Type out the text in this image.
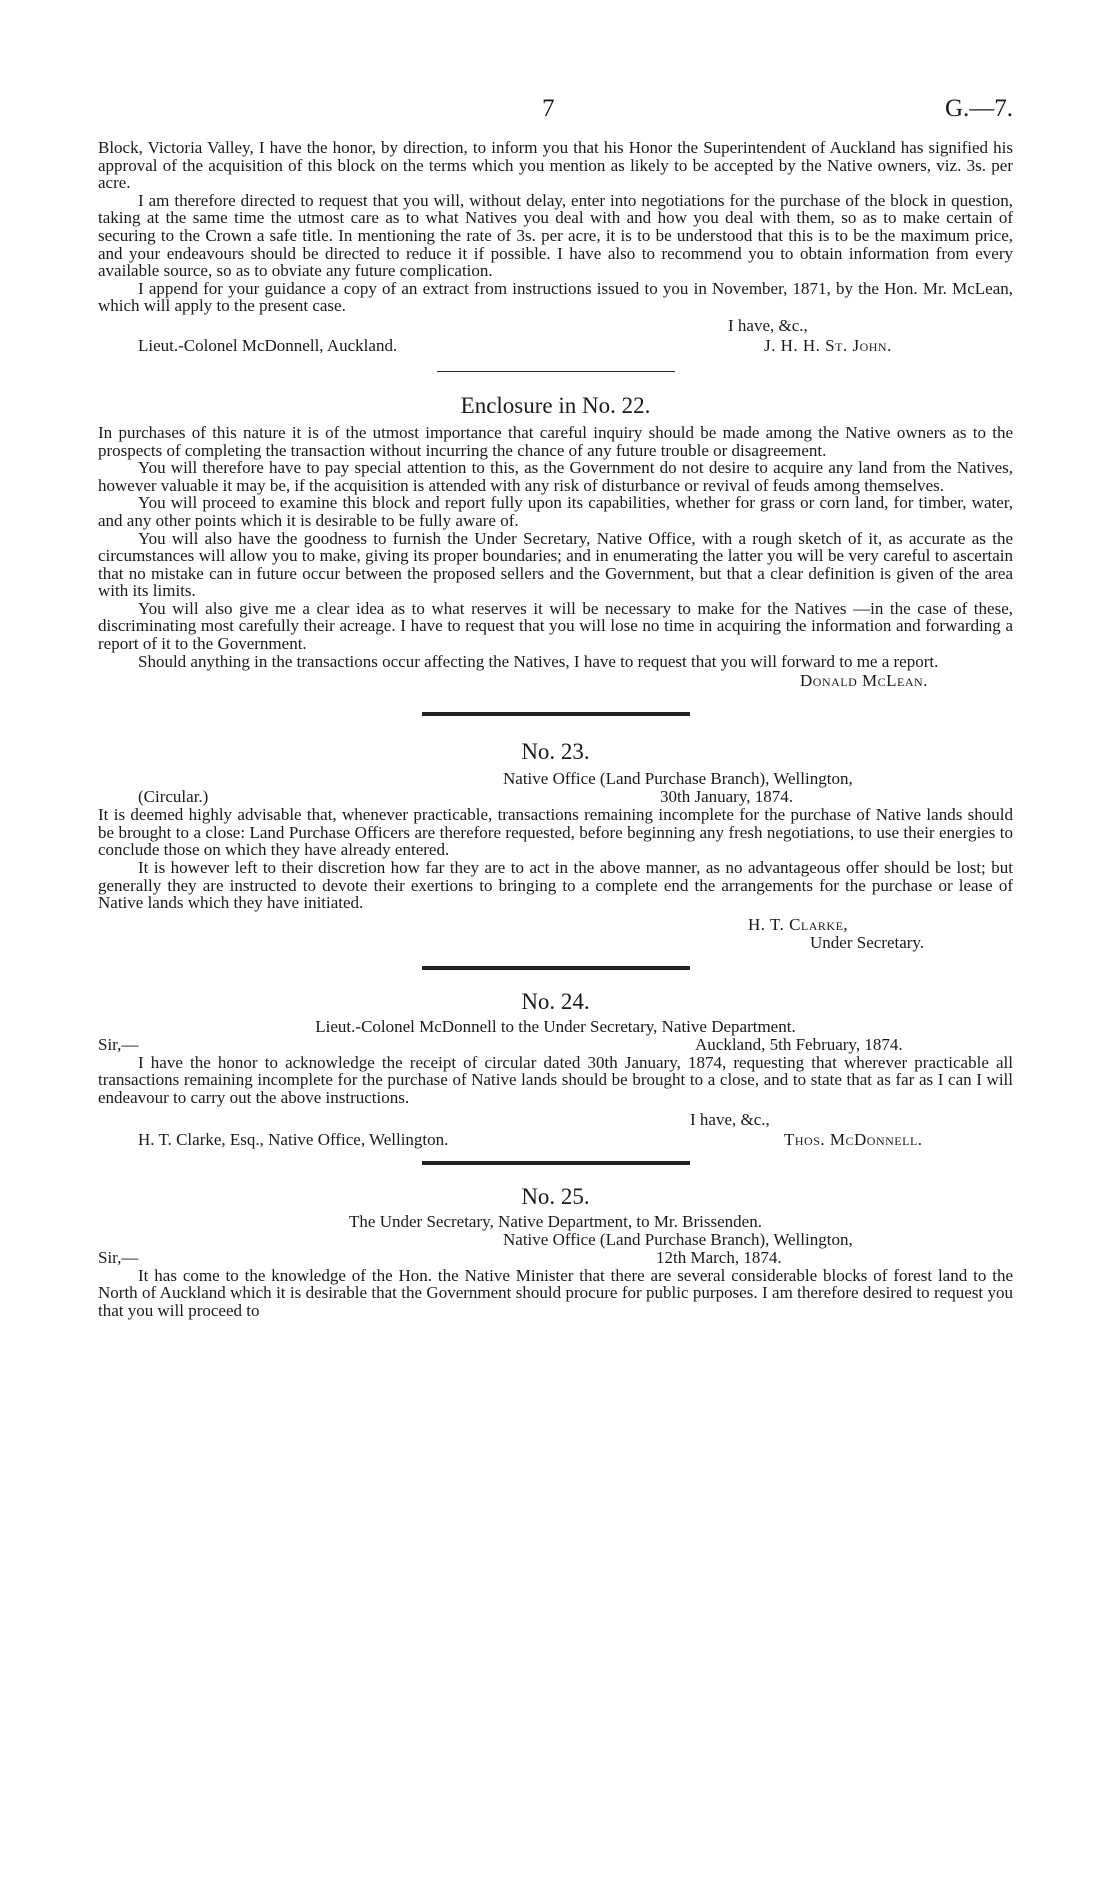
7	G.—7.

Block, Victoria Valley, I have the honor, by direction, to inform you that his Honor the Superintendent of Auckland has signified his approval of the acquisition of this block on the terms which you mention as likely to be accepted by the Native owners, viz. 3s. per acre.

I am therefore directed to request that you will, without delay, enter into negotiations for the purchase of the block in question, taking at the same time the utmost care as to what Natives you deal with and how you deal with them, so as to make certain of securing to the Crown a safe title. In mentioning the rate of 3s. per acre, it is to be understood that this is to be the maximum price, and your endeavours should be directed to reduce it if possible. I have also to recommend you to obtain information from every available source, so as to obviate any future complication.

I append for your guidance a copy of an extract from instructions issued to you in November, 1871, by the Hon. Mr. McLean, which will apply to the present case.

I have, &c.,
Lieut.-Colonel McDonnell, Auckland.	J. H. H. St. John.
Enclosure in No. 22.

In purchases of this nature it is of the utmost importance that careful inquiry should be made among the Native owners as to the prospects of completing the transaction without incurring the chance of any future trouble or disagreement.

You will therefore have to pay special attention to this, as the Government do not desire to acquire any land from the Natives, however valuable it may be, if the acquisition is attended with any risk of disturbance or revival of feuds among themselves.

You will proceed to examine this block and report fully upon its capabilities, whether for grass or corn land, for timber, water, and any other points which it is desirable to be fully aware of.

You will also have the goodness to furnish the Under Secretary, Native Office, with a rough sketch of it, as accurate as the circumstances will allow you to make, giving its proper boundaries; and in enumerating the latter you will be very careful to ascertain that no mistake can in future occur between the proposed sellers and the Government, but that a clear definition is given of the area with its limits.

You will also give me a clear idea as to what reserves it will be necessary to make for the Natives —in the case of these, discriminating most carefully their acreage. I have to request that you will lose no time in acquiring the information and forwarding a report of it to the Government.

Should anything in the transactions occur affecting the Natives, I have to request that you will forward to me a report.

Donald McLean.
No. 23.
Native Office (Land Purchase Branch), Wellington,
(Circular.)	30th January, 1874.

It is deemed highly advisable that, whenever practicable, transactions remaining incomplete for the purchase of Native lands should be brought to a close: Land Purchase Officers are therefore requested, before beginning any fresh negotiations, to use their energies to conclude those on which they have already entered.

It is however left to their discretion how far they are to act in the above manner, as no advantageous offer should be lost; but generally they are instructed to devote their exertions to bringing to a complete end the arrangements for the purchase or lease of Native lands which they have initiated.

H. T. Clarke,
Under Secretary.
No. 24.
Lieut.-Colonel McDonnell to the Under Secretary, Native Department.
Sir,—	Auckland, 5th February, 1874.

I have the honor to acknowledge the receipt of circular dated 30th January, 1874, requesting that wherever practicable all transactions remaining incomplete for the purchase of Native lands should be brought to a close, and to state that as far as I can I will endeavour to carry out the above instructions.

I have, &c.,
H. T. Clarke, Esq., Native Office, Wellington.	Thos. McDonnell.
No. 25.
The Under Secretary, Native Department, to Mr. Brissenden.
Native Office (Land Purchase Branch), Wellington,
Sir,—	12th March, 1874.

It has come to the knowledge of the Hon. the Native Minister that there are several considerable blocks of forest land to the North of Auckland which it is desirable that the Government should procure for public purposes. I am therefore desired to request you that you will proceed to
